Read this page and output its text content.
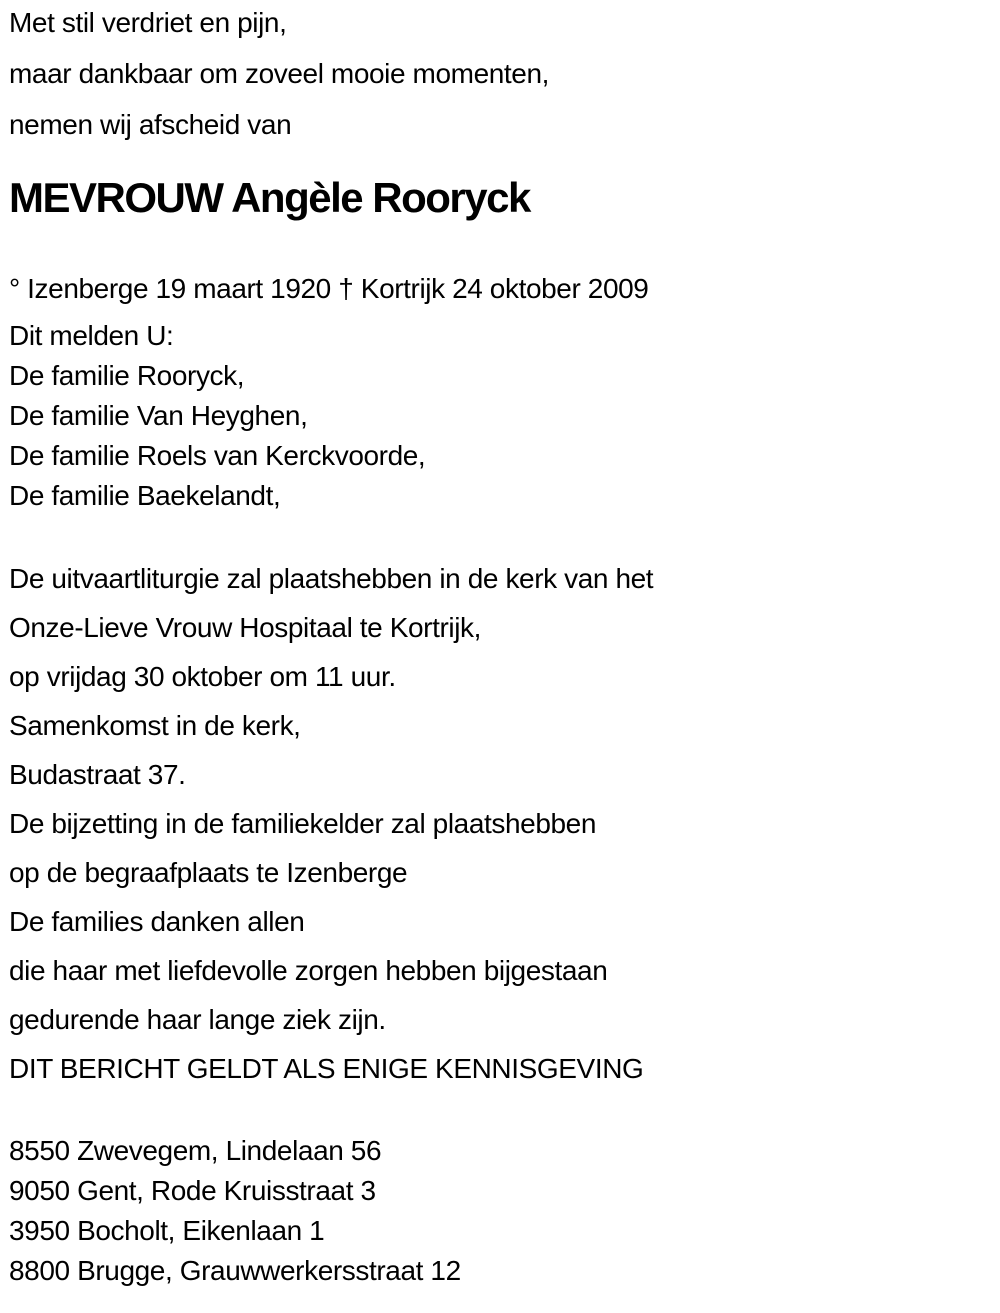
Met stil verdriet en pijn,
maar dankbaar om zoveel mooie momenten,
nemen wij afscheid van
MEVROUW Angèle Rooryck
° Izenberge 19 maart 1920 † Kortrijk 24 oktober 2009
Dit melden U:
De familie Rooryck,
De familie Van Heyghen,
De familie Roels van Kerckvoorde,
De familie Baekelandt,
De uitvaartliturgie zal plaatshebben in de kerk van het
Onze-Lieve Vrouw Hospitaal te Kortrijk,
op vrijdag 30 oktober om 11 uur.
Samenkomst in de kerk,
Budastraat 37.
De bijzetting in de familiekelder zal plaatshebben
op de begraafplaats te Izenberge
De families danken allen
die haar met liefdevolle zorgen hebben bijgestaan
gedurende haar lange ziek zijn.
DIT BERICHT GELDT ALS ENIGE KENNISGEVING
8550 Zwevegem, Lindelaan 56
9050 Gent, Rode Kruisstraat 3
3950 Bocholt, Eikenlaan 1
8800 Brugge, Grauwwerkersstraat 12
